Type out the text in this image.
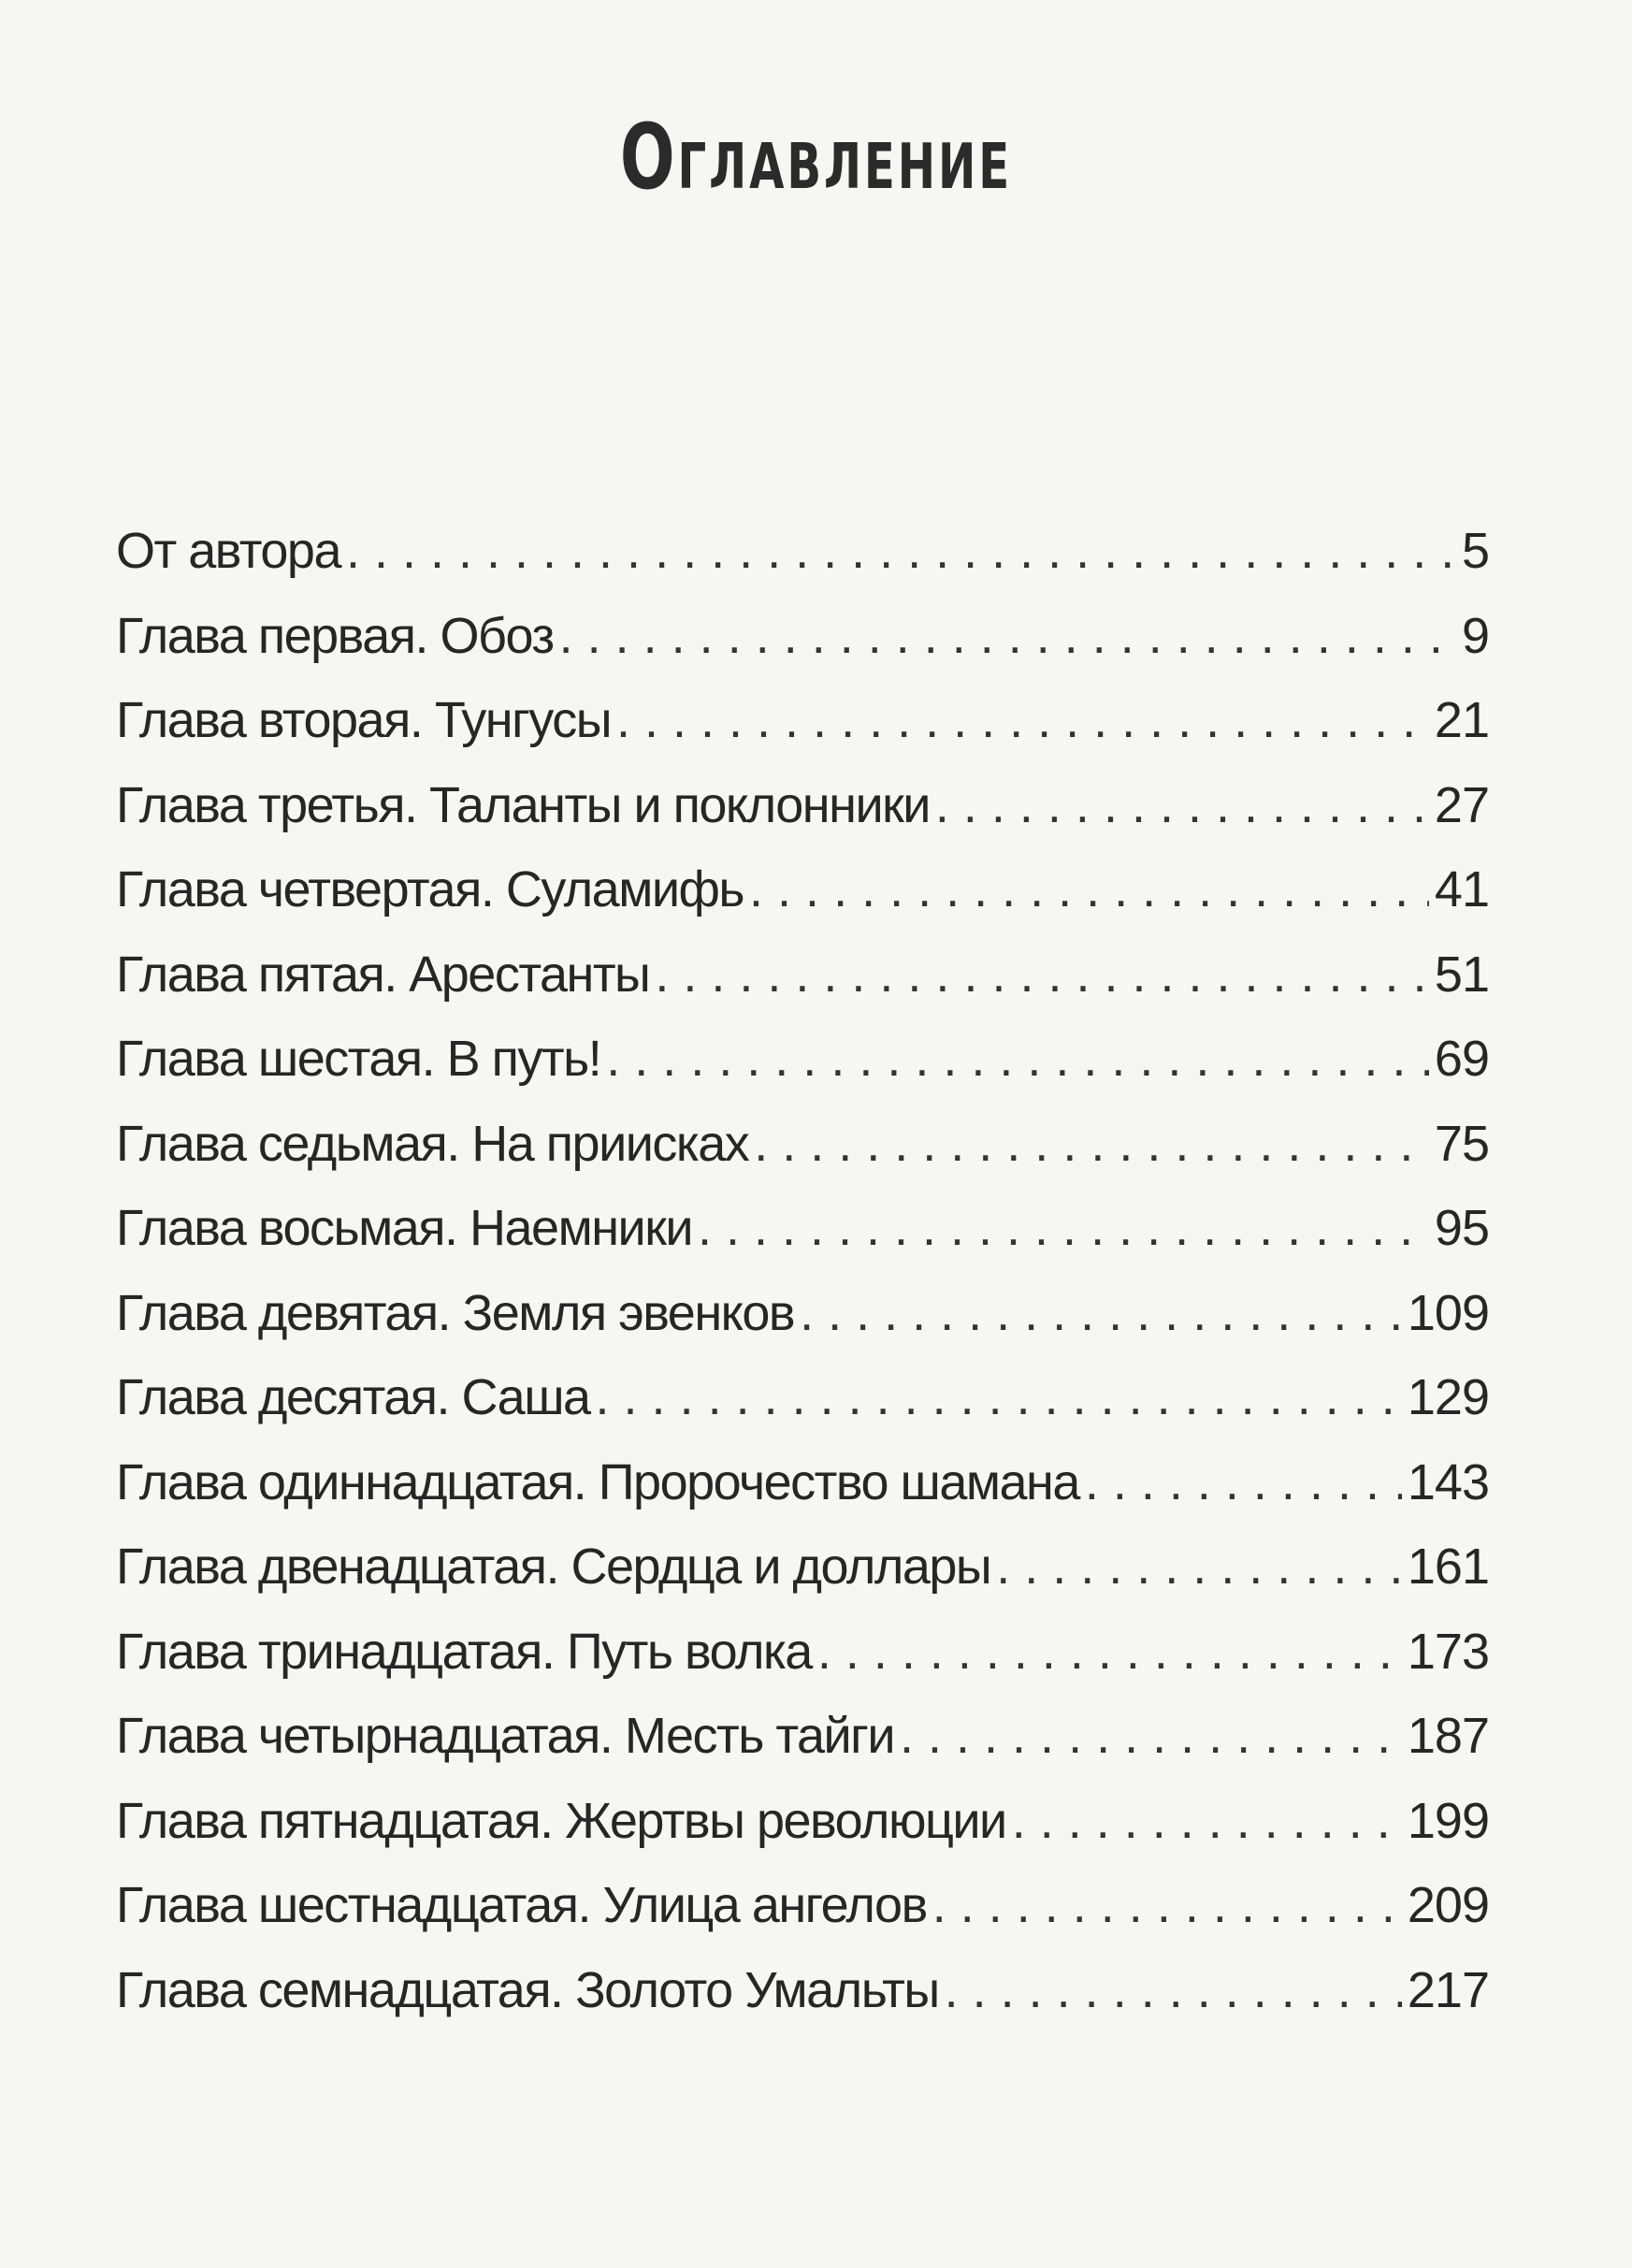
Оглавление
От автора . . .	5
Глава первая. Обоз . . .	9
Глава вторая. Тунгусы . . .	21
Глава третья. Таланты и поклонники . . .	27
Глава четвертая. Суламифь . . .	41
Глава пятая. Арестанты . . .	51
Глава шестая. В путь! . . .	69
Глава седьмая. На приисках . . .	75
Глава восьмая. Наемники . . .	95
Глава девятая. Земля эвенков . . .	109
Глава десятая. Саша . . .	129
Глава одиннадцатая. Пророчество шамана . . .	143
Глава двенадцатая. Сердца и доллары . . .	161
Глава тринадцатая. Путь волка . . .	173
Глава четырнадцатая. Месть тайги . . .	187
Глава пятнадцатая. Жертвы революции . . .	199
Глава шестнадцатая. Улица ангелов . . .	209
Глава семнадцатая. Золото Умальты . . .	217
